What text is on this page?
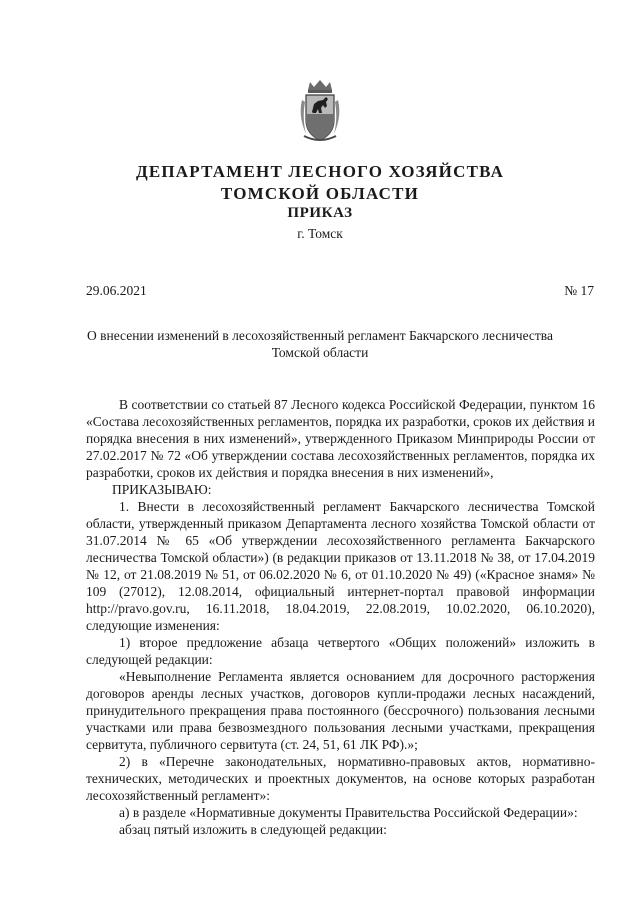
ДЕПАРТАМЕНТ ЛЕСНОГО ХОЗЯЙСТВА
ТОМСКОЙ ОБЛАСТИ
ПРИКАЗ
г. Томск
29.06.2021	№ 17
О внесении изменений в лесохозяйственный регламент Бакчарского лесничества
Томской области

В соответствии со статьей 87 Лесного кодекса Российской Федерации, пунктом 16 «Состава лесохозяйственных регламентов, порядка их разработки, сроков их действия и порядка внесения в них изменений», утвержденного Приказом Минприроды России от 27.02.2017 № 72 «Об утверждении состава лесохозяйственных регламентов, порядка их разработки, сроков их действия и порядка внесения в них изменений»,

ПРИКАЗЫВАЮ:

1. Внести в лесохозяйственный регламент Бакчарского лесничества Томской области, утвержденный приказом Департамента лесного хозяйства Томской области от 31.07.2014 № 65 «Об утверждении лесохозяйственного регламента Бакчарского лесничества Томской области») (в редакции приказов от 13.11.2018 № 38, от 17.04.2019 № 12, от 21.08.2019 № 51, от 06.02.2020 № 6, от 01.10.2020 № 49) («Красное знамя» № 109 (27012), 12.08.2014, официальный интернет-портал правовой информации http://pravo.gov.ru, 16.11.2018, 18.04.2019, 22.08.2019, 10.02.2020, 06.10.2020), следующие изменения:

1) второе предложение абзаца четвертого «Общих положений» изложить в следующей редакции:

«Невыполнение Регламента является основанием для досрочного расторжения договоров аренды лесных участков, договоров купли-продажи лесных насаждений, принудительного прекращения права постоянного (бессрочного) пользования лесными участками или права безвозмездного пользования лесными участками, прекращения сервитута, публичного сервитута (ст. 24, 51, 61 ЛК РФ).»;

2) в «Перечне законодательных, нормативно-правовых актов, нормативно-технических, методических и проектных документов, на основе которых разработан лесохозяйственный регламент»:

а) в разделе «Нормативные документы Правительства Российской Федерации»:

абзац пятый изложить в следующей редакции:
